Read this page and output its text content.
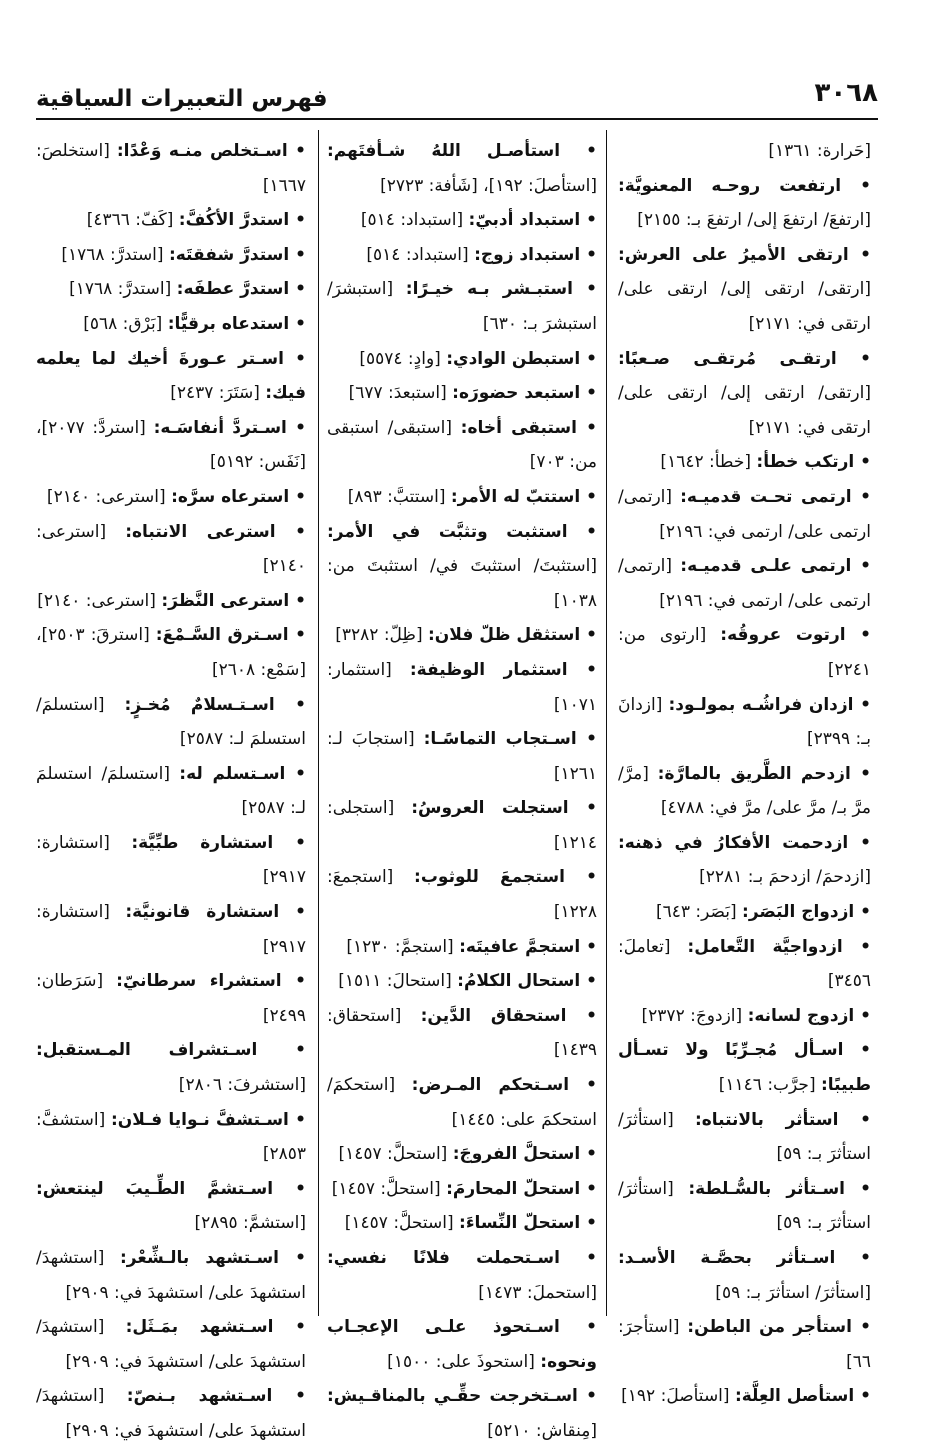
فهرس التعبيرات السياقية	٣٠٦٨

[حَرارة: ١٣٦١]

• ارتفعت روحـه المعنويَّة: [ارتفعَ/ ارتفعَ إلى/ ارتفعَ بـ: ٢١٥٥]

• ارتقى الأميرُ على العرش: [ارتقى/ ارتقى إلى/ ارتقى على/ ارتقى في: ٢١٧١]

• ارتقـى مُرتقـى صـعبًا: [ارتقى/ ارتقى إلى/ ارتقى على/ ارتقى في: ٢١٧١]

• ارتكب خطأ: [خطأ: ١٦٤٢]

• ارتمى تحـت قدميـه: [ارتمى/ ارتمى على/ ارتمى في: ٢١٩٦]

• ارتمى علـى قدميـه: [ارتمى/ ارتمى على/ ارتمى في: ٢١٩٦]

• ارتوت عروقُه: [ارتوى من: ٢٢٤١]

• ازدان فراشُـه بمولـود: [ازدانَ بـ: ٢٣٩٩]

• ازدحم الطَّريق بالمارَّة: [مرَّ/ مرَّ بـ/ مرَّ على/ مرَّ في: ٤٧٨٨]

• ازدحمت الأفكارُ في ذهنه: [ازدحمَ/ ازدحمَ بـ: ٢٢٨١]

• ازدواج البَصَر: [بَصَر: ٦٤٣]

• ازدواجيَّة التَّعامل: [تعاملَ: ٣٤٥٦]

• ازدوج لسانه: [ازدوجَ: ٢٣٧٢]

• اسـأل مُجـرِّبًا ولا تسـأل طبيبًا: [جرَّب: ١١٤٦]

• استأثر بالانتباه: [استأثرَ/ استأثرَ بـ: ٥٩]

• اسـتأثر بالسُّـلطة: [استأثرَ/ استأثرَ بـ: ٥٩]

• اسـتأثر بحصَّـة الأسـد: [استأثرَ/ استأثرَ بـ: ٥٩]

• استأجر من الباطن: [استأجرَ: ٦٦]

• استأصل العِلَّة: [استأصلَ: ١٩٢]

• استأصـل اللهُ شـأفتَهم: [استأصلَ: ١٩٢]، [شَأفة: ٢٧٢٣]

• استبداد أدبيّ: [استبداد: ٥١٤]

• استبداد زوج: [استبداد: ٥١٤]

• استبـشر بـه خيـرًا: [استبشرَ/ استبشرَ بـ: ٦٣٠]

• استبطن الوادي: [وادٍ: ٥٥٧٤]

• استبعد حضورَه: [استبعدَ: ٦٧٧]

• استبقى أخاه: [استبقى/ استبقى من: ٧٠٣]

• استتبّ له الأمر: [استتبَّ: ٨٩٣]

• استثبت وتثبَّت في الأمر: [استثبتَ/ استثبتَ في/ استثبتَ من: ١٠٣٨]

• استثقل ظلّ فلان: [ظِلّ: ٣٢٨٢]

• استثمار الوظيفة: [استثمار: ١٠٧١]

• اسـتجاب التماسًـا: [استجابَ لـ: ١٢٦١]

• استجلت العروسُ: [استجلى: ١٢١٤]

• استجمعَ للوثوب: [استجمعَ: ١٢٢٨]

• استجمَّ عافيتَه: [استجمَّ: ١٢٣٠]

• استحال الكلامُ: [استحالَ: ١٥١١]

• استحقاق الدَّين: [استحقاق: ١٤٣٩]

• اسـتحكم المـرض: [استحكمَ/ استحكمَ على: ١٤٤٥]

• استحلَّ الفروجَ: [استحلَّ: ١٤٥٧]

• استحلّ المحارمَ: [استحلَّ: ١٤٥٧]

• استحلّ النِّساءَ: [استحلَّ: ١٤٥٧]

• اسـتحملت فلانًا نفسي: [استحملَ: ١٤٧٣]

• اسـتحوذ علـى الإعجـاب ونحوه: [استحوذَ على: ١٥٠٠]

• اسـتخرجت حقِّـي بالمناقـيش: [مِنقاش: ٥٢١٠]

• اسـتخلص منـه وَعْدًا: [استخلصَ: ١٦٦٧]

• استدرَّ الأكُفَّ: [كَفّ: ٤٣٦٦]

• استدرَّ شفقتَه: [استدرَّ: ١٧٦٨]

• استدرَّ عطفَه: [استدرَّ: ١٧٦٨]

• استدعاه برقيًّا: [بَرْق: ٥٦٨]

• اسـتر عـورةَ أخيك لما يعلمه فيك: [سَتَرَ: ٢٤٣٧]

• اسـتردَّ أنفاسَـه: [استردَّ: ٢٠٧٧]، [نَفَس: ٥١٩٢]

• استرعاه سرَّه: [استرعى: ٢١٤٠]

• استرعى الانتباه: [استرعى: ٢١٤٠]

• استرعى النَّظرَ: [استرعى: ٢١٤٠]

• اسـترق السَّـمْعَ: [استرقَ: ٢٥٠٣]، [سَمْع: ٢٦٠٨]

• اسـتـسلامٌ مُخـزٍ: [استسلمَ/ استسلمَ لـ: ٢٥٨٧]

• اسـتسلم له: [استسلمَ/ استسلمَ لـ: ٢٥٨٧]

• استشارة طبِّيَّة: [استشارة: ٢٩١٧]

• استشارة قانونيَّة: [استشارة: ٢٩١٧]

• استشراء سرطانيّ: [سَرَطان: ٢٤٩٩]

• اسـتشراف المـستقبل: [استشرفَ: ٢٨٠٦]

• اسـتشفَّ نـوايا فـلان: [استشفَّ: ٢٨٥٣]

• اسـتشمَّ الطِّـيبَ لينتعش: [استشمَّ: ٢٨٩٥]

• اسـتشهد بالـشِّعْر: [استشهدَ/ استشهدَ على/ استشهدَ في: ٢٩٠٩]

• اسـتشهد بمَـثَل: [استشهدَ/ استشهدَ على/ استشهدَ في: ٢٩٠٩]

• اسـتشهد بـنصّ: [استشهدَ/ استشهدَ على/ استشهدَ في: ٢٩٠٩]
